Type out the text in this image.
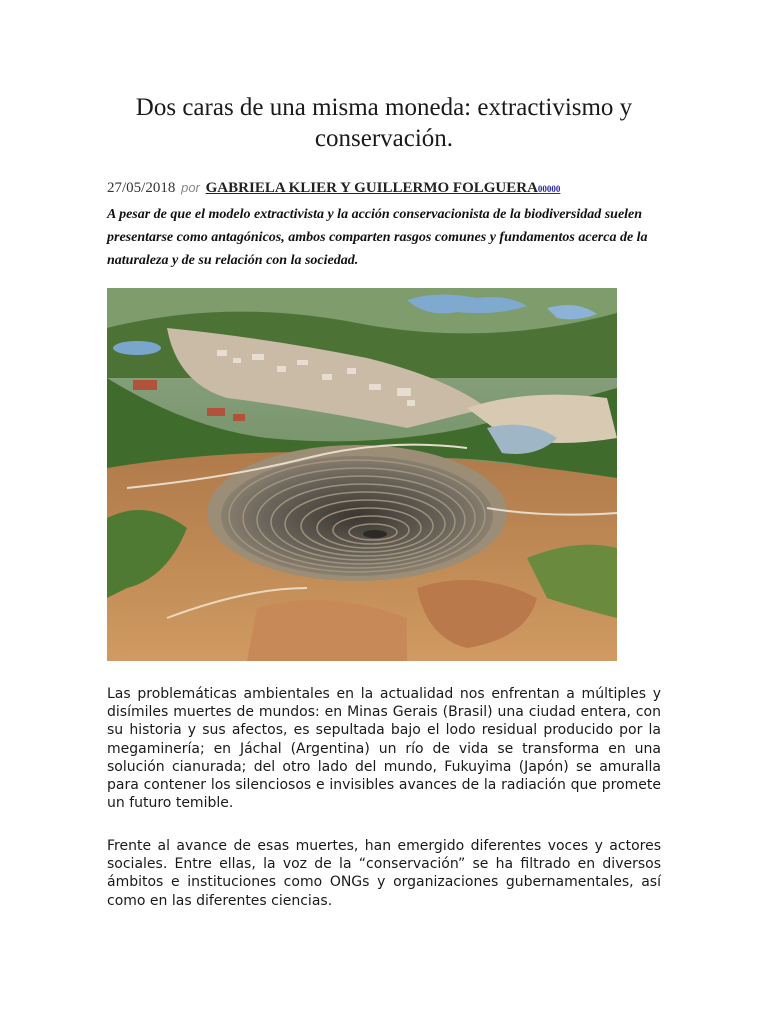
Dos caras de una misma moneda: extractivismo y conservación.
27/05/2018 por GABRIELA KLIER Y GUILLERMO FOLGUERA00000

A pesar de que el modelo extractivista y la acción conservacionista de la biodiversidad suelen presentarse como antagónicos, ambos comparten rasgos comunes y fundamentos acerca de la naturaleza y de su relación con la sociedad.

Las problemáticas ambientales en la actualidad nos enfrentan a múltiples y disímiles muertes de mundos: en Minas Gerais (Brasil) una ciudad entera, con su historia y sus afectos, es sepultada bajo el lodo residual producido por la megaminería; en Jáchal (Argentina) un río de vida se transforma en una solución cianurada; del otro lado del mundo, Fukuyima (Japón) se amuralla para contener los silenciosos e invisibles avances de la radiación que promete un futuro temible.

Frente al avance de esas muertes, han emergido diferentes voces y actores sociales. Entre ellas, la voz de la “conservación” se ha filtrado en diversos ámbitos e instituciones como ONGs y organizaciones gubernamentales, así como en las diferentes ciencias.
